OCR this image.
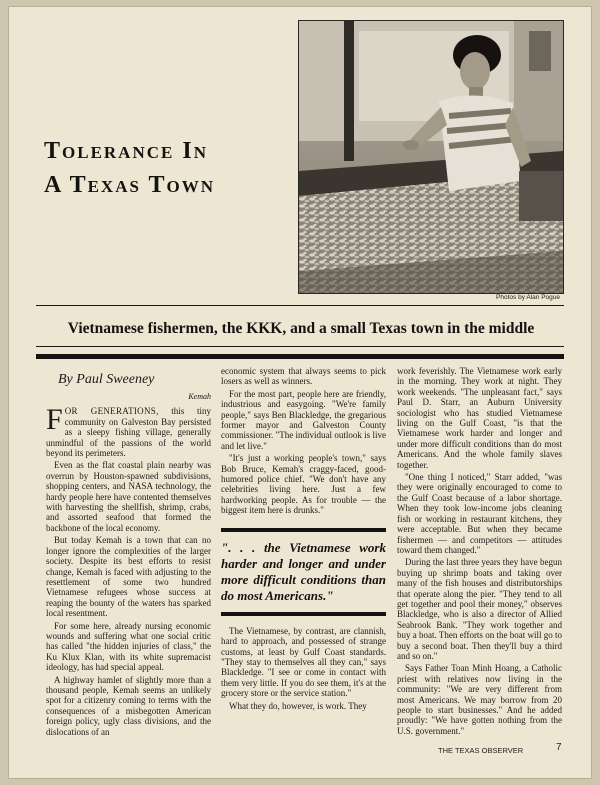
Tolerance In
A Texas Town
Photos by Alan Pogue
Vietnamese fishermen, the KKK, and a small Texas town in the middle
By Paul Sweeney
Kemah

FOR GENERATIONS, this tiny community on Galveston Bay persisted as a sleepy fishing village, generally unmindful of the passions of the world beyond its perimeters.

Even as the flat coastal plain nearby was overrun by Houston-spawned subdivisions, shopping centers, and NASA technology, the hardy people here have contented themselves with harvesting the shellfish, shrimp, crabs, and assorted seafood that formed the backbone of the local economy.

But today Kemah is a town that can no longer ignore the complexities of the larger society. Despite its best efforts to resist change, Kemah is faced with adjusting to the resettlement of some two hundred Vietnamese refugees whose success at reaping the bounty of the waters has sparked local resentment.

For some here, already nursing economic wounds and suffering what one social critic has called "the hidden injuries of class," the Ku Klux Klan, with its white supremacist ideology, has had special appeal.

A highway hamlet of slightly more than a thousand people, Kemah seems an unlikely spot for a citizenry coming to terms with the consequences of a misbegotten American foreign policy, ugly class divisions, and the dislocations of an

economic system that always seems to pick losers as well as winners.

For the most part, people here are friendly, industrious and easygoing. "We're family people," says Ben Blackledge, the gregarious former mayor and Galveston County commissioner. "The individual outlook is live and let live."

"It's just a working people's town," says Bob Bruce, Kemah's craggy-faced, good-humored police chief. "We don't have any celebrities living here. Just a few hardworking people. As for trouble — the biggest item here is drunks."

". . . the Vietnamese work harder and longer and under more difficult conditions than do most Americans."

The Vietnamese, by contrast, are clannish, hard to approach, and possessed of strange customs, at least by Gulf Coast standards. "They stay to themselves all they can," says Blackledge. "I see or come in contact with them very little. If you do see them, it's at the grocery store or the service station."

What they do, however, is work. They

work feverishly. The Vietnamese work early in the morning. They work at night. They work weekends. "The unpleasant fact," says Paul D. Starr, an Auburn University sociologist who has studied Vietnamese living on the Gulf Coast, "is that the Vietnamese work harder and longer and under more difficult conditions than do most Americans. And the whole family slaves together.

"One thing I noticed," Starr added, "was they were originally encouraged to come to the Gulf Coast because of a labor shortage. When they took low-income jobs cleaning fish or working in restaurant kitchens, they were acceptable. But when they became fishermen — and competitors — attitudes toward them changed."

During the last three years they have begun buying up shrimp boats and taking over many of the fish houses and distributorships that operate along the pier. "They tend to all get together and pool their money," observes Blackledge, who is also a director of Allied Seabrook Bank. "They work together and buy a boat. Then efforts on the boat will go to buy a second boat. Then they'll buy a third and so on."

Says Father Toan Minh Hoang, a Catholic priest with relatives now living in the community: "We are very different from most Americans. We may borrow from 20 people to start businesses." And he added proudly: "We have gotten nothing from the U.S. government."

THE TEXAS OBSERVER	7
